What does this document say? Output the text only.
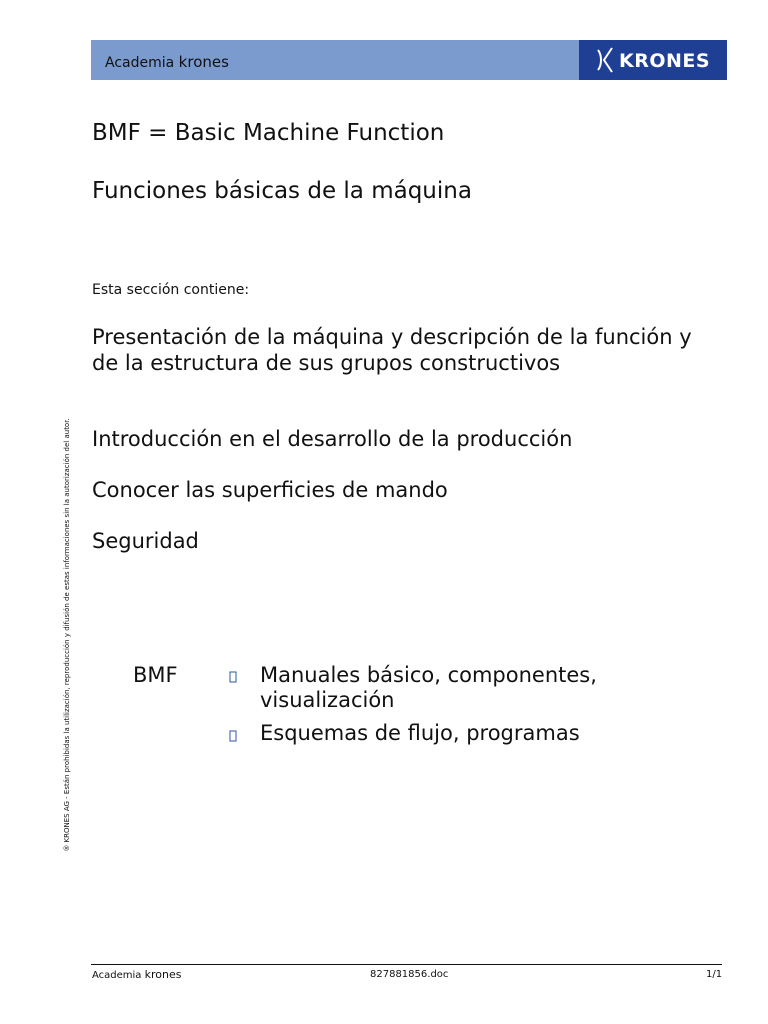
Academia krones	KRONES
BMF = Basic Machine Function
Funciones básicas de la máquina
Esta sección contiene:
Presentación de la máquina y descripción de la función y de la estructura de sus grupos constructivos
Introducción en el desarrollo de la producción
Conocer las superficies de mando
Seguridad
BMF	Manuales básico, componentes, visualización
Esquemas de flujo, programas
® KRONES AG - Están prohibidas la utilización, reproducción y difusión de estas informaciones sin la autorización del autor.
Academia krones	827881856.doc	1/1
